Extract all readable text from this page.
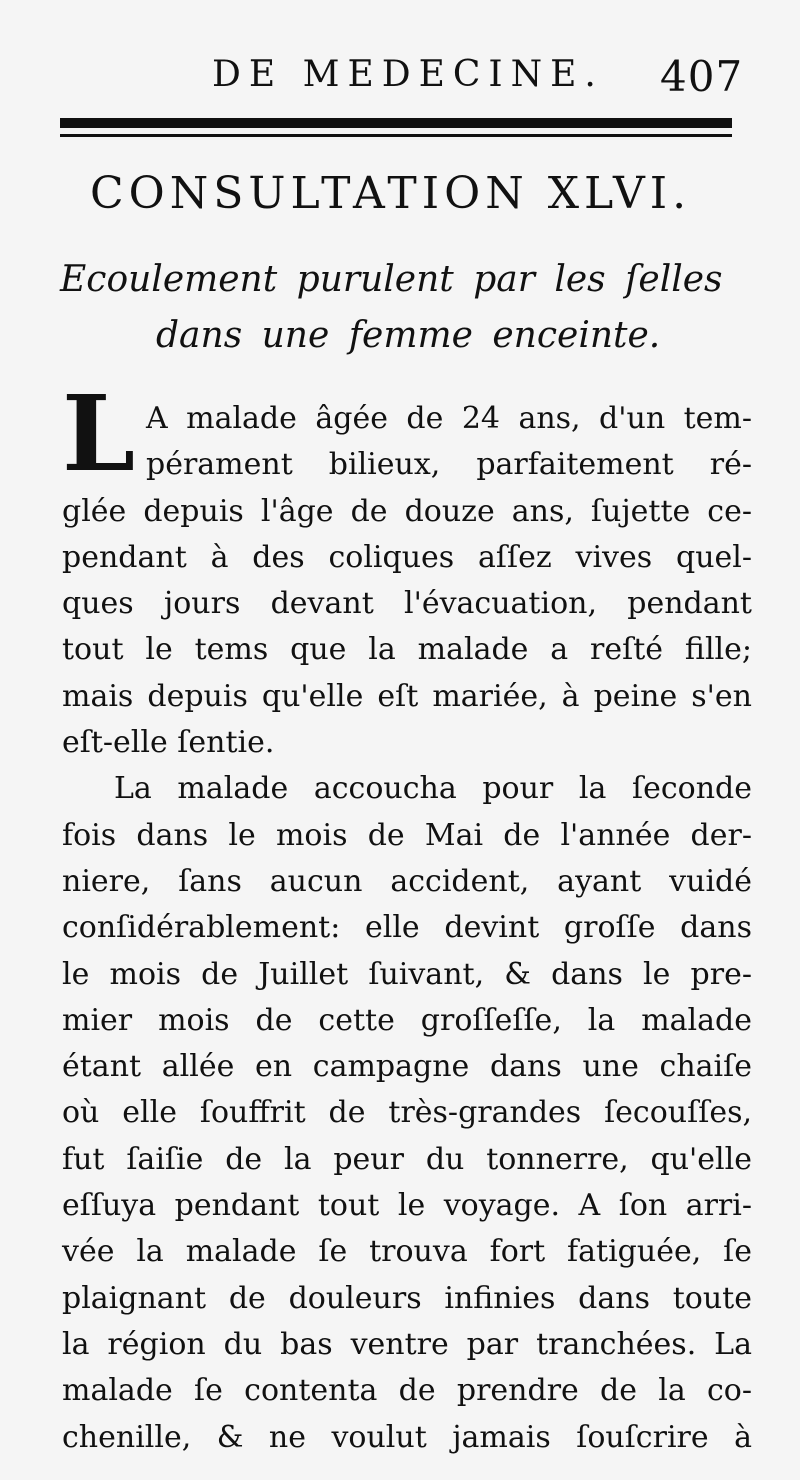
DE MEDECINE. 407
CONSULTATION XLVI.
Ecoulement purulent par les ſelles
dans une femme enceinte.
L A malade âgée de 24 ans, d'un tem-
pérament bilieux, parfaitement ré-
glée depuis l'âge de douze ans, ſujette ce-
pendant à des coliques aſſez vives quel-
ques jours devant l'évacuation, pendant
tout le tems que la malade a reſté fille;
mais depuis qu'elle eſt mariée, à peine s'en
eſt-elle ſentie.
La malade accoucha pour la ſeconde
fois dans le mois de Mai de l'année der-
niere, ſans aucun accident, ayant vuidé
conſidérablement: elle devint groſſe dans
le mois de Juillet ſuivant, & dans le pre-
mier mois de cette groſſeſſe, la malade
étant allée en campagne dans une chaiſe
où elle ſouffrit de très-grandes ſecouſſes,
fut ſaiſie de la peur du tonnerre, qu'elle
eſſuya pendant tout le voyage. A ſon arri-
vée la malade ſe trouva fort fatiguée, ſe
plaignant de douleurs infinies dans toute
la région du bas ventre par tranchées. La
malade ſe contenta de prendre de la co-
chenille, & ne voulut jamais ſouſcrire à
